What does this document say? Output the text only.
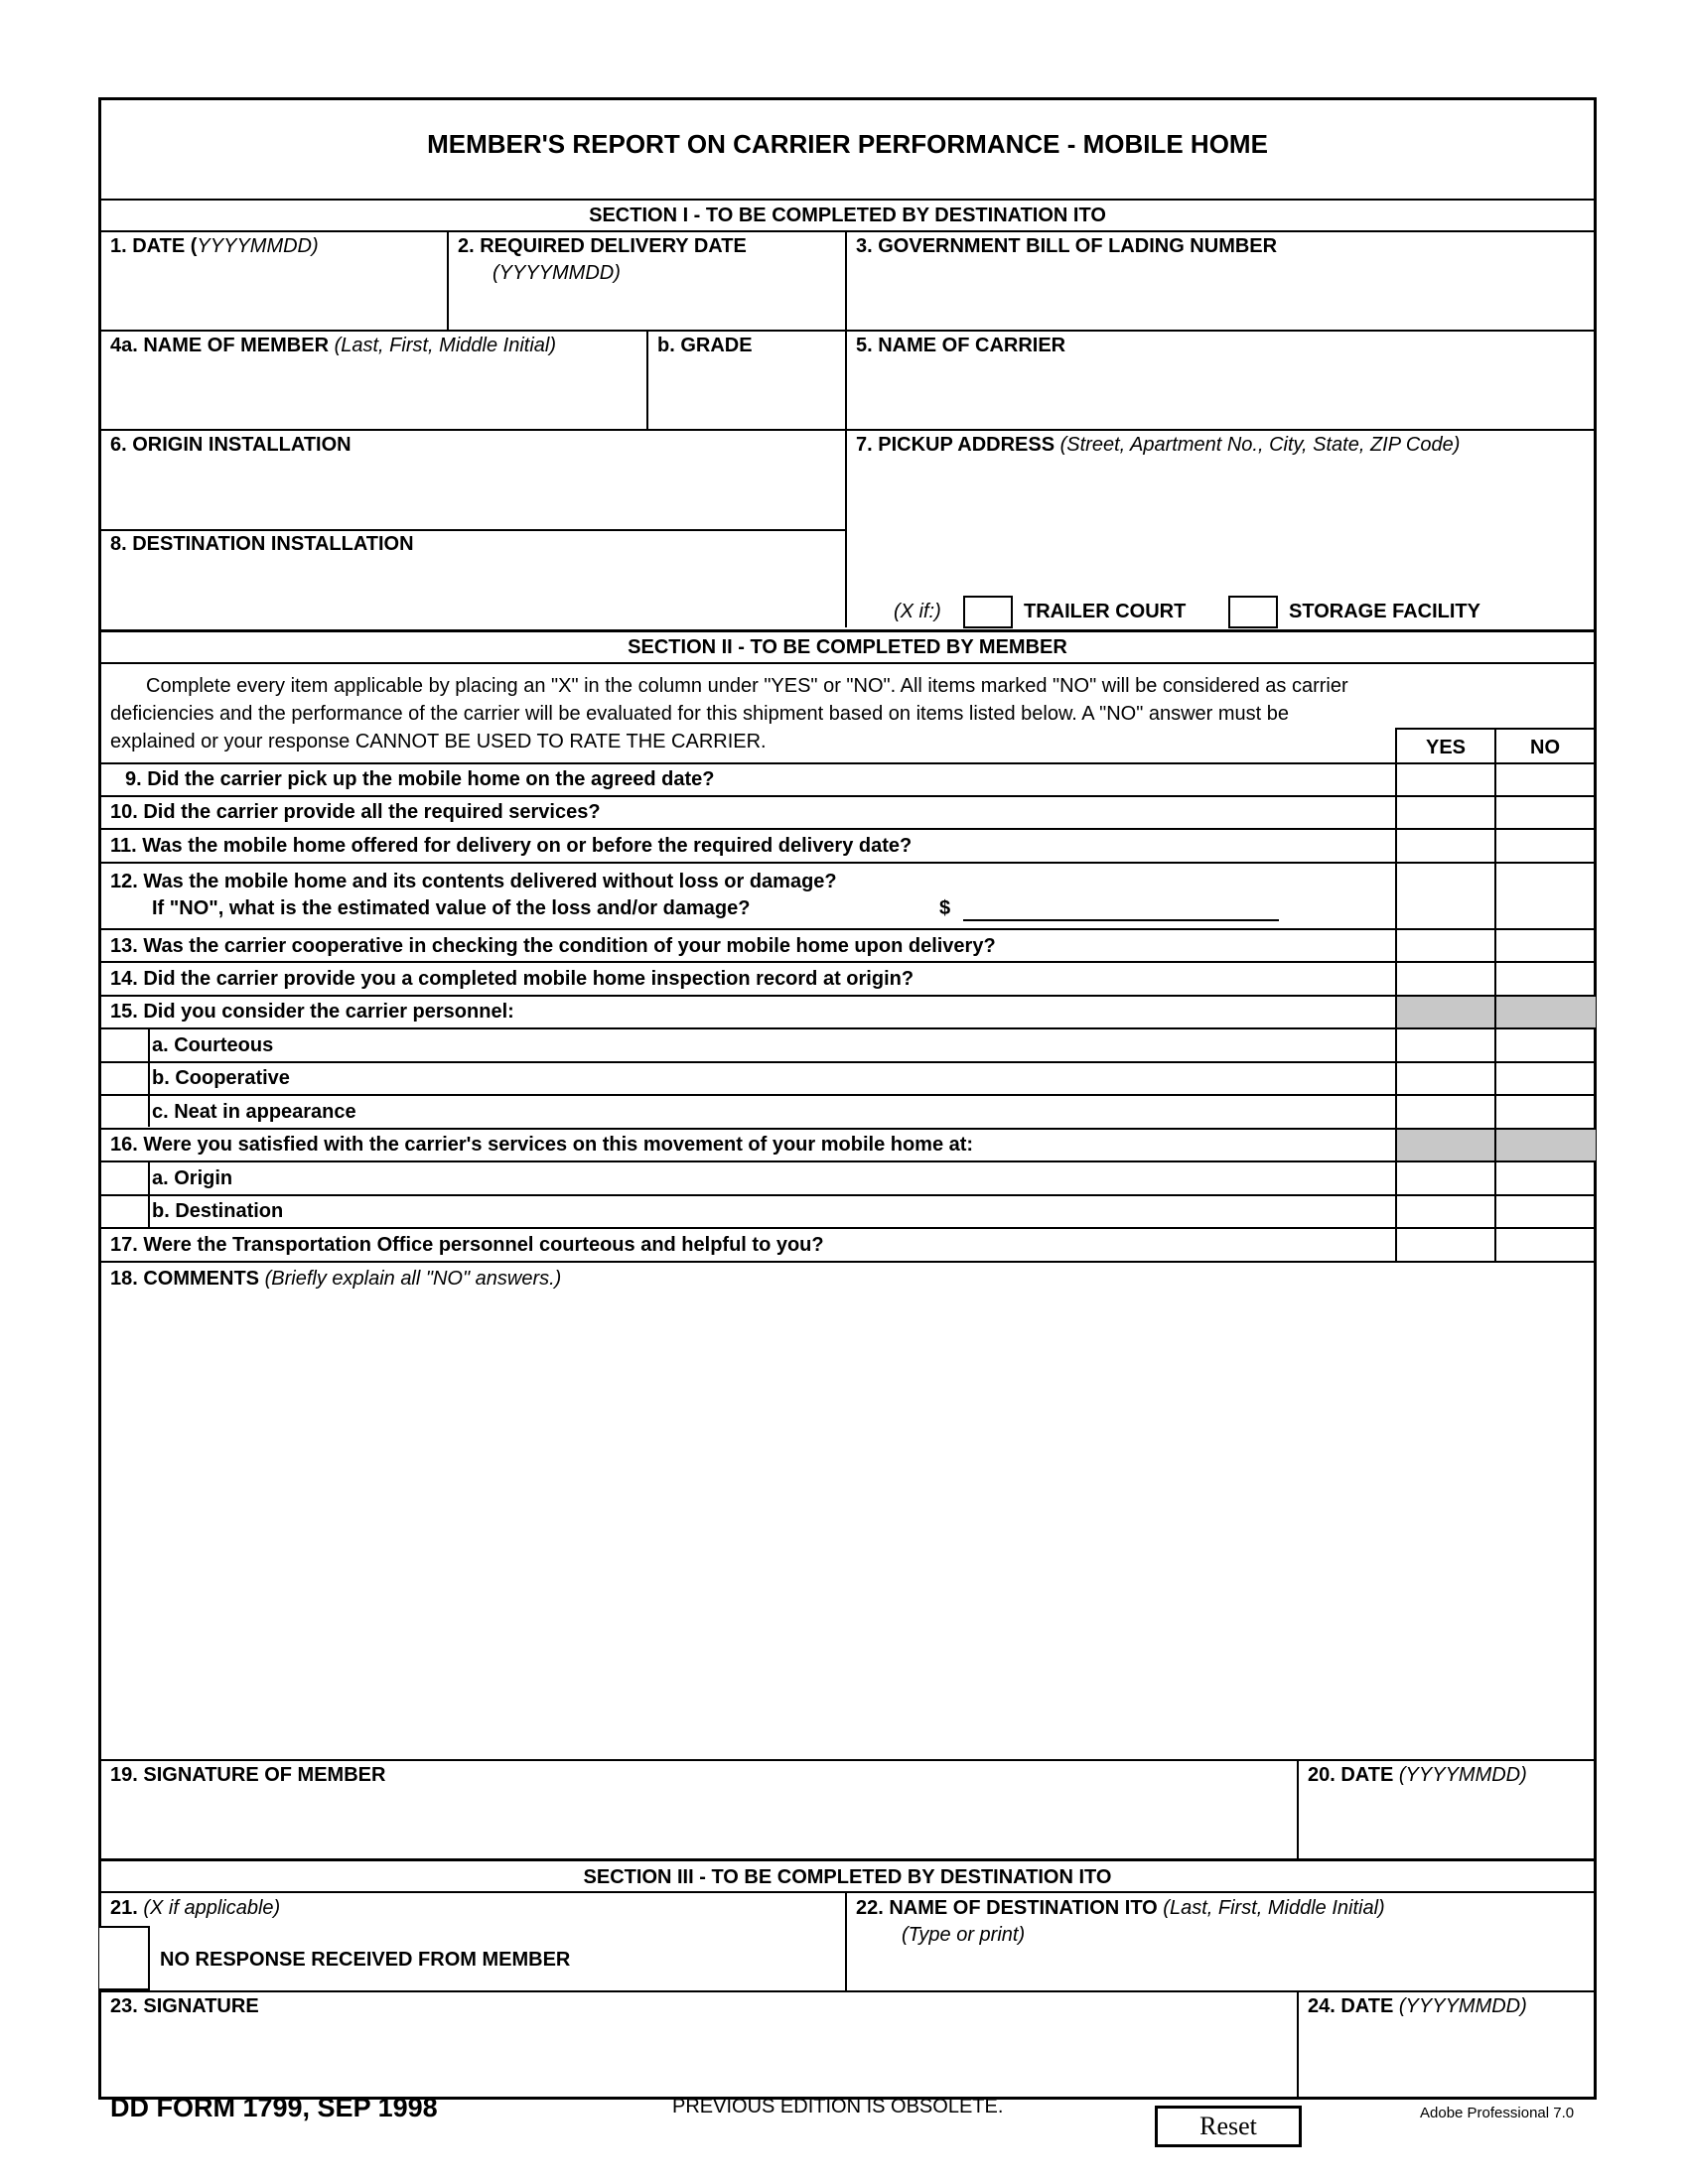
MEMBER'S REPORT ON CARRIER PERFORMANCE - MOBILE HOME
SECTION I - TO BE COMPLETED BY DESTINATION ITO
1. DATE (YYYYMMDD)	2. REQUIRED DELIVERY DATE
(YYYYMMDD)
3. GOVERNMENT BILL OF LADING NUMBER
4a. NAME OF MEMBER (Last, First, Middle Initial)	b. GRADE	5. NAME OF CARRIER
6. ORIGIN INSTALLATION	7. PICKUP ADDRESS (Street, Apartment No., City, State, ZIP Code)
8. DESTINATION INSTALLATION
(X if:)	TRAILER COURT	STORAGE FACILITY
SECTION II - TO BE COMPLETED BY MEMBER
Complete every item applicable by placing an "X" in the column under "YES" or "NO". All items marked "NO" will be considered as carrier
deficiencies and the performance of the carrier will be evaluated for this shipment based on items listed below. A "NO" answer must be
explained or your response CANNOT BE USED TO RATE THE CARRIER.	YES	NO
9. Did the carrier pick up the mobile home on the agreed date?
10. Did the carrier provide all the required services?
11. Was the mobile home offered for delivery on or before the required delivery date?
12. Was the mobile home and its contents delivered without loss or damage?
If "NO", what is the estimated value of the loss and/or damage?	$
13. Was the carrier cooperative in checking the condition of your mobile home upon delivery?
14. Did the carrier provide you a completed mobile home inspection record at origin?
15. Did you consider the carrier personnel:
a. Courteous
b. Cooperative
c. Neat in appearance
16. Were you satisfied with the carrier's services on this movement of your mobile home at:
a. Origin
b. Destination
17. Were the Transportation Office personnel courteous and helpful to you?
18. COMMENTS (Briefly explain all "NO" answers.)
19. SIGNATURE OF MEMBER	20. DATE (YYYYMMDD)
SECTION III - TO BE COMPLETED BY DESTINATION ITO
21. (X if applicable)
NO RESPONSE RECEIVED FROM MEMBER
22. NAME OF DESTINATION ITO (Last, First, Middle Initial)
(Type or print)
23. SIGNATURE	24. DATE (YYYYMMDD)
DD FORM 1799, SEP 1998	PREVIOUS EDITION IS OBSOLETE.
Reset	Adobe Professional 7.0
